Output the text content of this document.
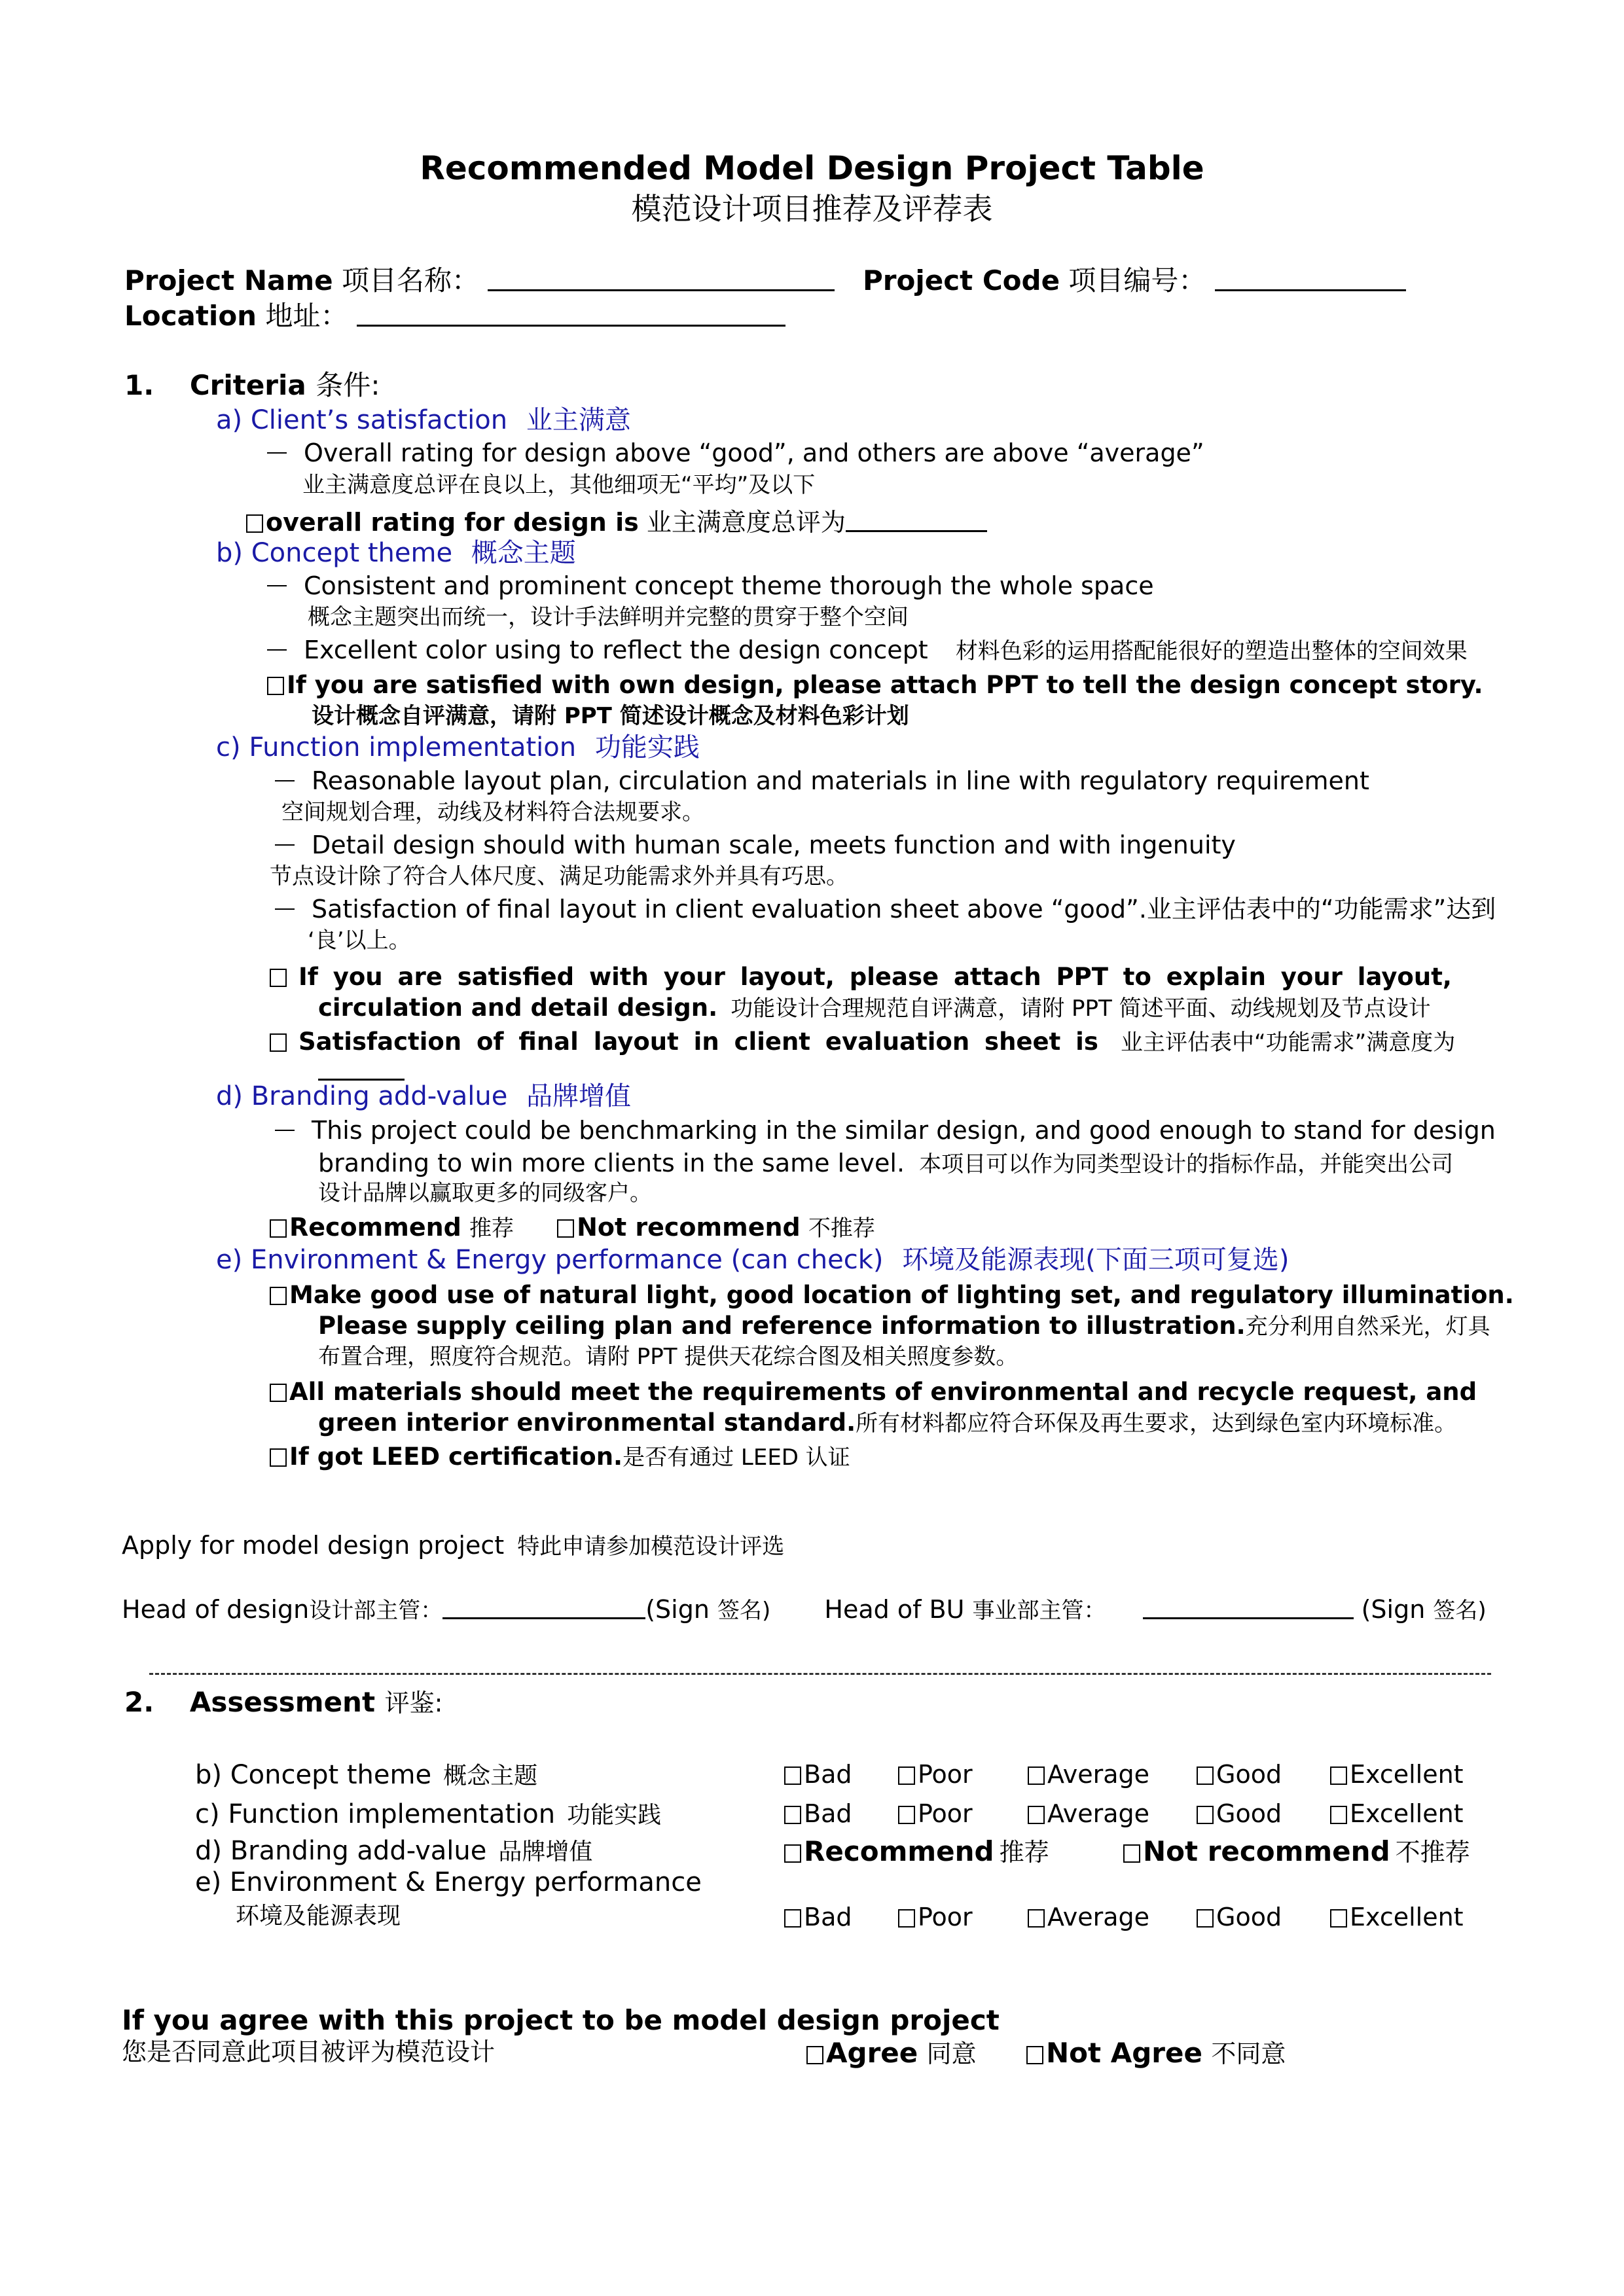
Recommended Model Design Project Table
模范设计项目推荐及评荐表
Project Name 项目名称：	Project Code 项目编号：
Location 地址：
1. Criteria 条件:
a) Client’s satisfaction 业主满意
Overall rating for design above “good”, and others are above “average”
业主满意度总评在良以上，其他细项无“平均”及以下
overall rating for design is 业主满意度总评为
b) Concept theme 概念主题
Consistent and prominent concept theme thorough the whole space
概念主题突出而统一，设计手法鲜明并完整的贯穿于整个空间
Excellent color using to reflect the design concept 材料色彩的运用搭配能很好的塑造出整体的空间效果
If you are satisfied with own design, please attach PPT to tell the design concept story.
设计概念自评满意，请附 PPT 简述设计概念及材料色彩计划
c) Function implementation 功能实践
Reasonable layout plan, circulation and materials in line with regulatory requirement
空间规划合理，动线及材料符合法规要求。
Detail design should with human scale, meets function and with ingenuity
节点设计除了符合人体尺度、满足功能需求外并具有巧思。
Satisfaction of final layout in client evaluation sheet above “good”.业主评估表中的“功能需求”达到
‘良’以上。
If you are satisfied with your layout, please attach PPT to explain your layout,
circulation and detail design. 功能设计合理规范自评满意，请附 PPT 简述平面、动线规划及节点设计
Satisfaction of final layout in client evaluation sheet is 业主评估表中“功能需求”满意度为
d) Branding add-value 品牌增值
This project could be benchmarking in the similar design, and good enough to stand for design
branding to win more clients in the same level. 本项目可以作为同类型设计的指标作品，并能突出公司
设计品牌以赢取更多的同级客户。
Recommend 推荐	Not recommend 不推荐
e) Environment & Energy performance (can check) 环境及能源表现(下面三项可复选)
Make good use of natural light, good location of lighting set, and regulatory illumination.
Please supply ceiling plan and reference information to illustration.充分利用自然采光，灯具
布置合理，照度符合规范。请附 PPT 提供天花综合图及相关照度参数。
All materials should meet the requirements of environmental and recycle request, and
green interior environmental standard.所有材料都应符合环保及再生要求，达到绿色室内环境标准。
If got LEED certification.是否有通过 LEED 认证
Apply for model design project 特此申请参加模范设计评选
Head of design设计部主管：	(Sign 签名) Head of BU 事业部主管：	(Sign 签名)
2. Assessment 评鉴:
b) Concept theme 概念主题	Bad	Poor	Average	Good	Excellent
c) Function implementation 功能实践	Bad	Poor	Average	Good	Excellent
d) Branding add-value 品牌增值	Recommend 推荐	Not recommend 不推荐
e) Environment & Energy performance
环境及能源表现	Bad	Poor	Average	Good	Excellent
If you agree with this project to be model design project
您是否同意此项目被评为模范设计	Agree 同意	Not Agree 不同意
